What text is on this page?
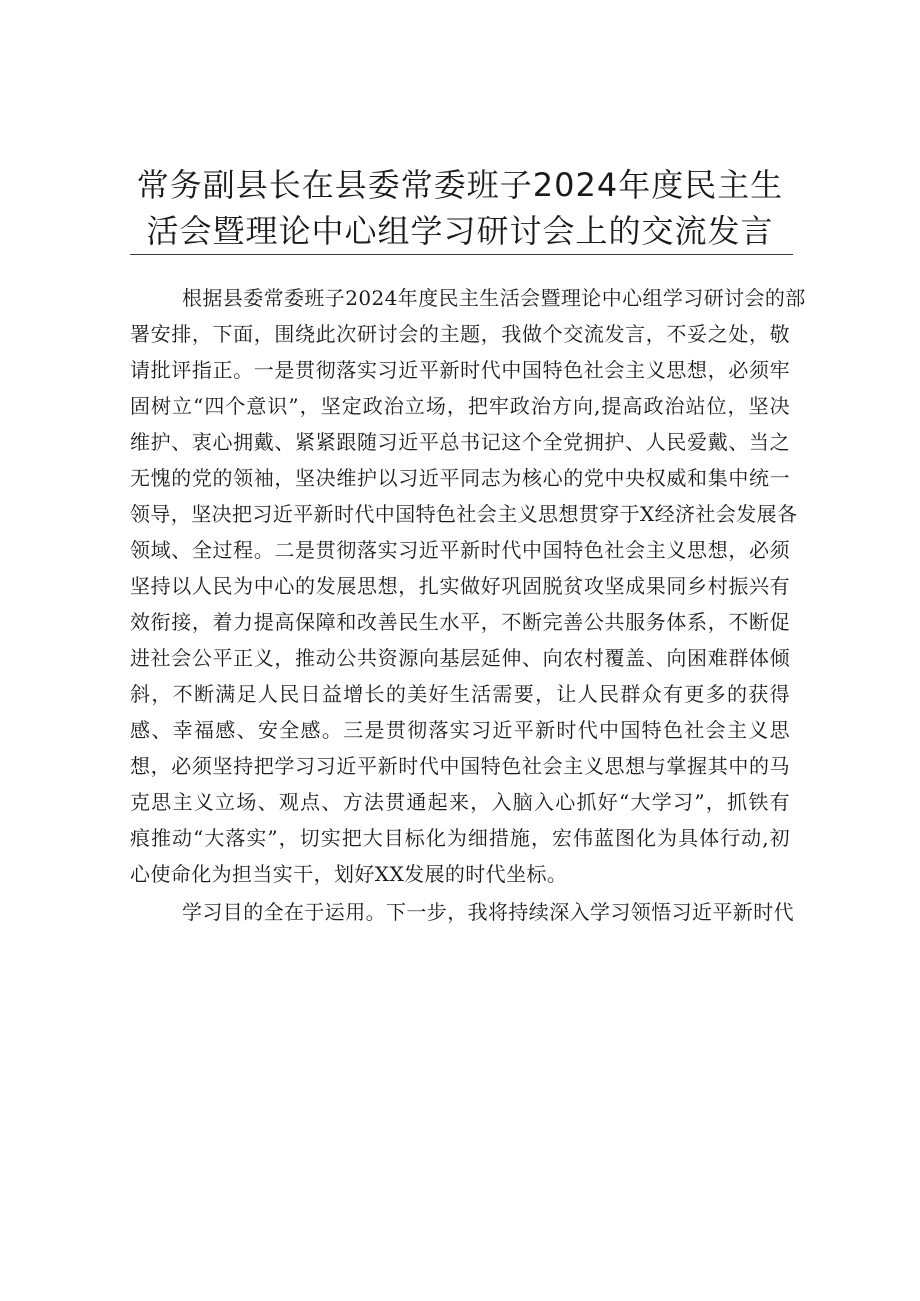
常务副县长在县委常委班子2024年度民主生
活会暨理论中心组学习研讨会上的交流发言
根据县委常委班子2024年度民主生活会暨理论中心组学习研讨会的部
署安排，下面，围绕此次研讨会的主题，我做个交流发言，不妥之处，敬
请批评指正。一是贯彻落实习近平新时代中国特色社会主义思想，必须牢
固树立“四个意识”，坚定政治立场，把牢政治方向,提高政治站位，坚决
维护、衷心拥戴、紧紧跟随习近平总书记这个全党拥护、人民爱戴、当之
无愧的党的领袖，坚决维护以习近平同志为核心的党中央权威和集中统一
领导，坚决把习近平新时代中国特色社会主义思想贯穿于X经济社会发展各
领域、全过程。二是贯彻落实习近平新时代中国特色社会主义思想，必须
坚持以人民为中心的发展思想，扎实做好巩固脱贫攻坚成果同乡村振兴有
效衔接，着力提高保障和改善民生水平，不断完善公共服务体系，不断促
进社会公平正义，推动公共资源向基层延伸、向农村覆盖、向困难群体倾
斜，不断满足人民日益增长的美好生活需要，让人民群众有更多的获得
感、幸福感、安全感。三是贯彻落实习近平新时代中国特色社会主义思
想，必须坚持把学习习近平新时代中国特色社会主义思想与掌握其中的马
克思主义立场、观点、方法贯通起来，入脑入心抓好“大学习”，抓铁有
痕推动“大落实”，切实把大目标化为细措施，宏伟蓝图化为具体行动,初
心使命化为担当实干，划好XX发展的时代坐标。
学习目的全在于运用。下一步，我将持续深入学习领悟习近平新时代
